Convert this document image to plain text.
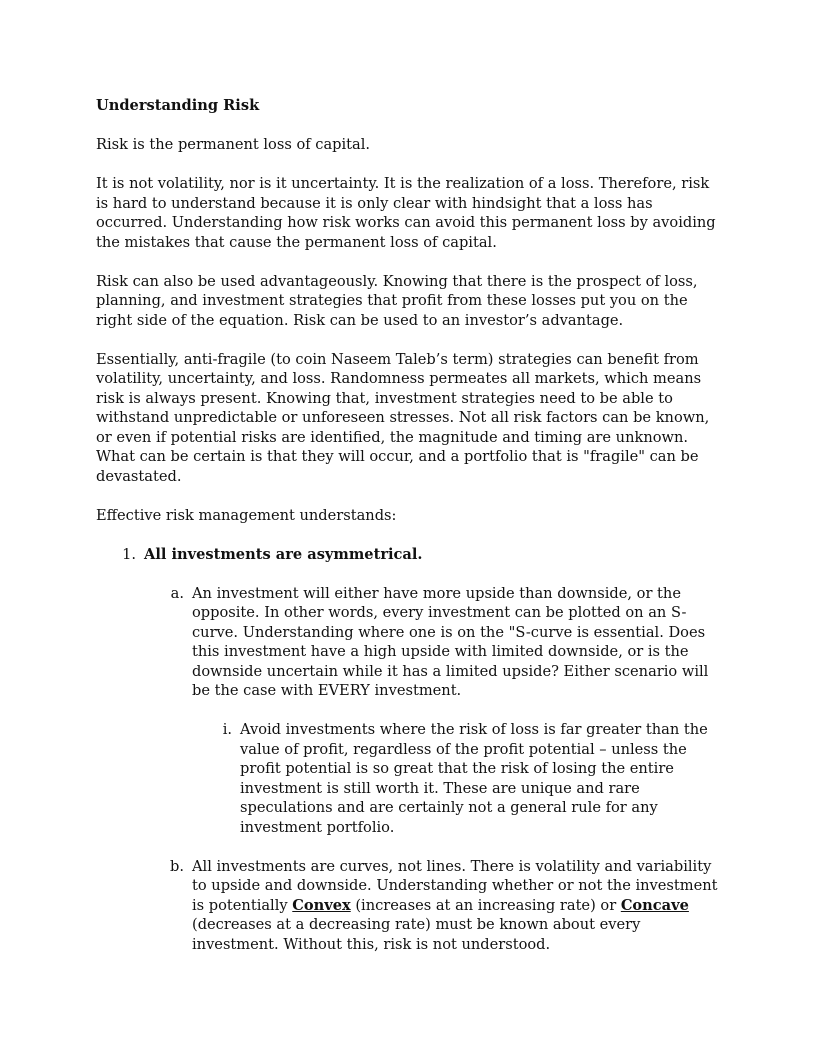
Understanding Risk

Risk is the permanent loss of capital.

It is not volatility, nor is it uncertainty. It is the realization of a loss. Therefore, risk is hard to understand because it is only clear with hindsight that a loss has occurred. Understanding how risk works can avoid this permanent loss by avoiding the mistakes that cause the permanent loss of capital.

Risk can also be used advantageously. Knowing that there is the prospect of loss, planning, and investment strategies that profit from these losses put you on the right side of the equation. Risk can be used to an investor’s advantage.

Essentially, anti-fragile (to coin Naseem Taleb’s term) strategies can benefit from volatility, uncertainty, and loss. Randomness permeates all markets, which means risk is always present. Knowing that, investment strategies need to be able to withstand unpredictable or unforeseen stresses. Not all risk factors can be known, or even if potential risks are identified, the magnitude and timing are unknown. What can be certain is that they will occur, and a portfolio that is "fragile" can be devastated.

Effective risk management understands:

1. All investments are asymmetrical.
a. An investment will either have more upside than downside, or the opposite. In other words, every investment can be plotted on an S-curve. Understanding where one is on the "S-curve is essential. Does this investment have a high upside with limited downside, or is the downside uncertain while it has a limited upside? Either scenario will be the case with EVERY investment.
i. Avoid investments where the risk of loss is far greater than the value of profit, regardless of the profit potential – unless the profit potential is so great that the risk of losing the entire investment is still worth it. These are unique and rare speculations and are certainly not a general rule for any investment portfolio.
b. All investments are curves, not lines. There is volatility and variability to upside and downside. Understanding whether or not the investment is potentially Convex (increases at an increasing rate) or Concave (decreases at a decreasing rate) must be known about every investment. Without this, risk is not understood.
